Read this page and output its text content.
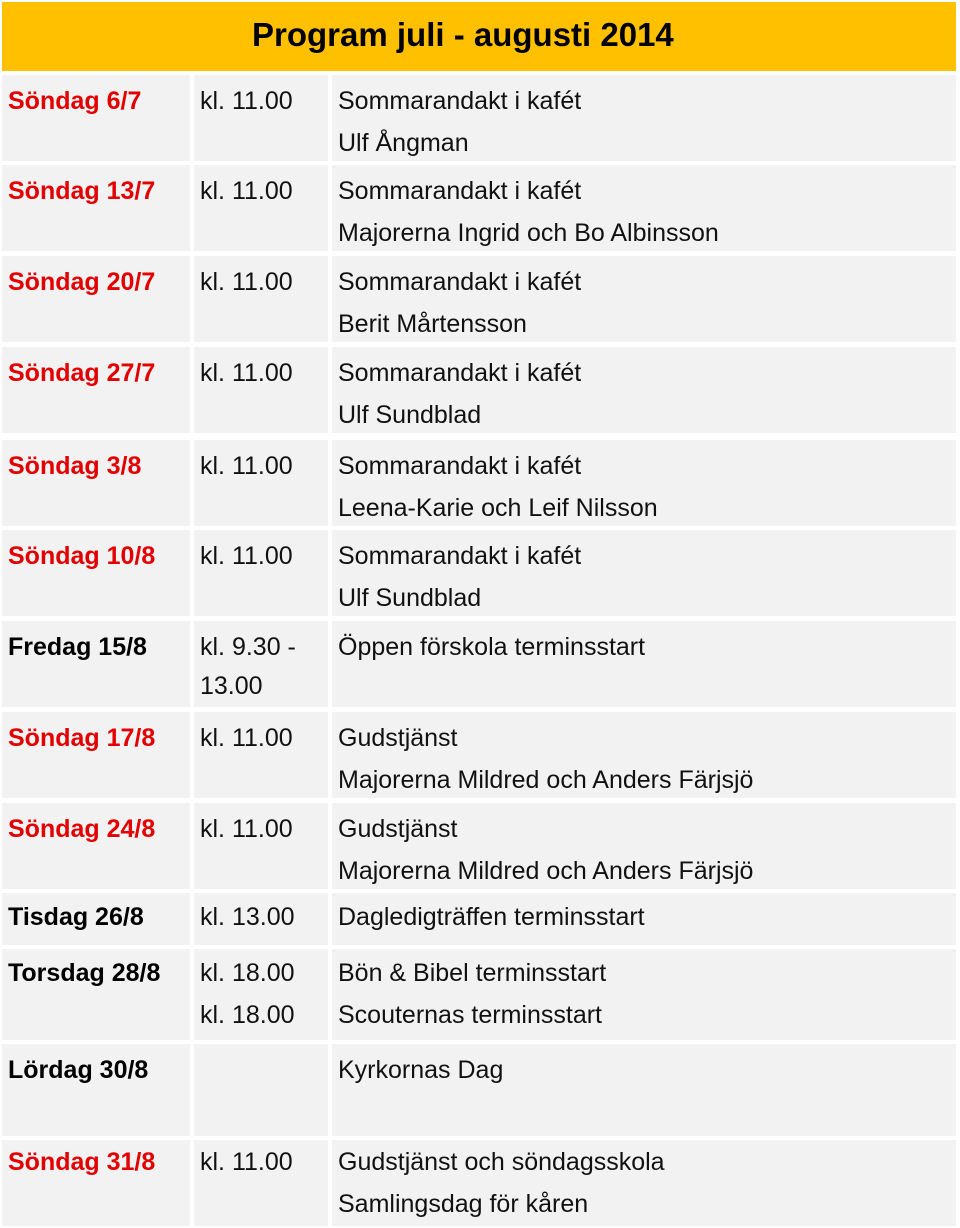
Program juli - augusti 2014
Söndag 6/7 kl. 11.00 Sommarandakt i kafét
Ulf Ångman
Söndag 13/7 kl. 11.00 Sommarandakt i kafét
Majorerna Ingrid och Bo Albinsson
Söndag 20/7 kl. 11.00 Sommarandakt i kafét
Berit Mårtensson
Söndag 27/7 kl. 11.00 Sommarandakt i kafét
Ulf Sundblad
Söndag 3/8 kl. 11.00 Sommarandakt i kafét
Leena-Karie och Leif Nilsson
Söndag 10/8 kl. 11.00 Sommarandakt i kafét
Ulf Sundblad
Fredag 15/8 kl. 9.30 -
13.00
Öppen förskola terminsstart
Söndag 17/8 kl. 11.00 Gudstjänst
Majorerna Mildred och Anders Färjsjö
Söndag 24/8 kl. 11.00 Gudstjänst
Majorerna Mildred och Anders Färjsjö
Tisdag 26/8 kl. 13.00 Dagledigträffen terminsstart
Torsdag 28/8 kl. 18.00
kl. 18.00
Bön & Bibel terminsstart
Scouternas terminsstart
Lördag 30/8	Kyrkornas Dag
Söndag 31/8 kl. 11.00 Gudstjänst och söndagsskola
Samlingsdag för kåren
